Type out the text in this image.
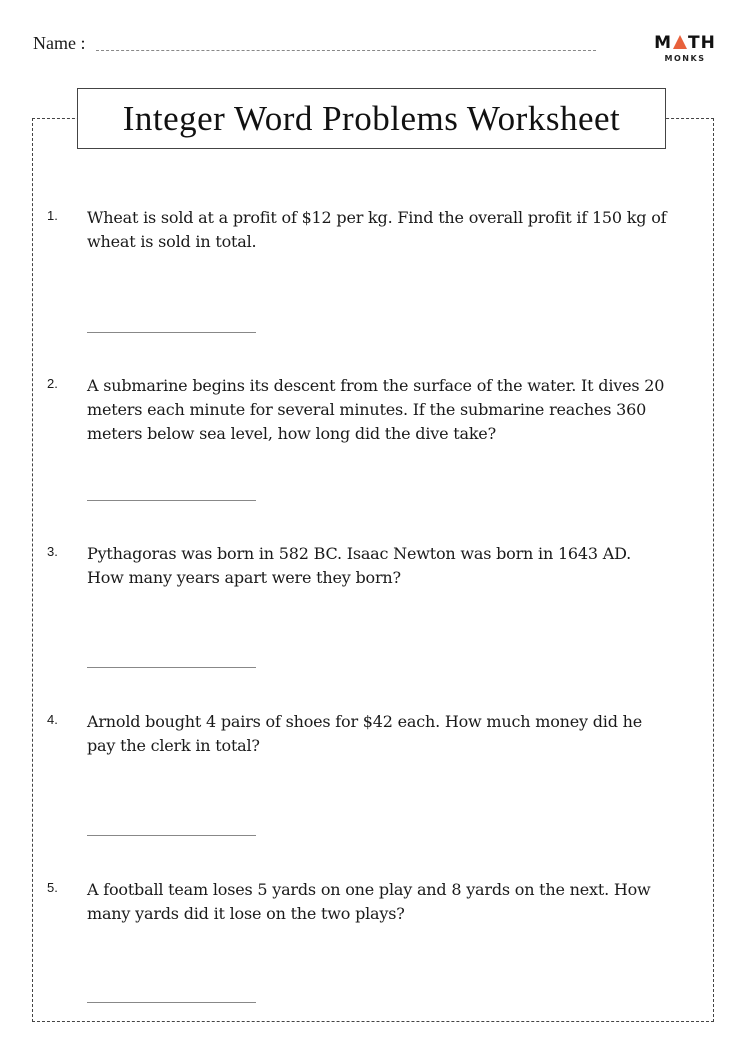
Name :	M TH
MONKS
Integer Word Problems Worksheet
1. Wheat is sold at a profit of $12 per kg. Find the overall profit if 150 kg of wheat is sold in total.
2. A submarine begins its descent from the surface of the water. It dives 20 meters each minute for several minutes. If the submarine reaches 360 meters below sea level, how long did the dive take?
3. Pythagoras was born in 582 BC. Isaac Newton was born in 1643 AD. How many years apart were they born?
4. Arnold bought 4 pairs of shoes for $42 each. How much money did he pay the clerk in total?
5. A football team loses 5 yards on one play and 8 yards on the next. How many yards did it lose on the two plays?
